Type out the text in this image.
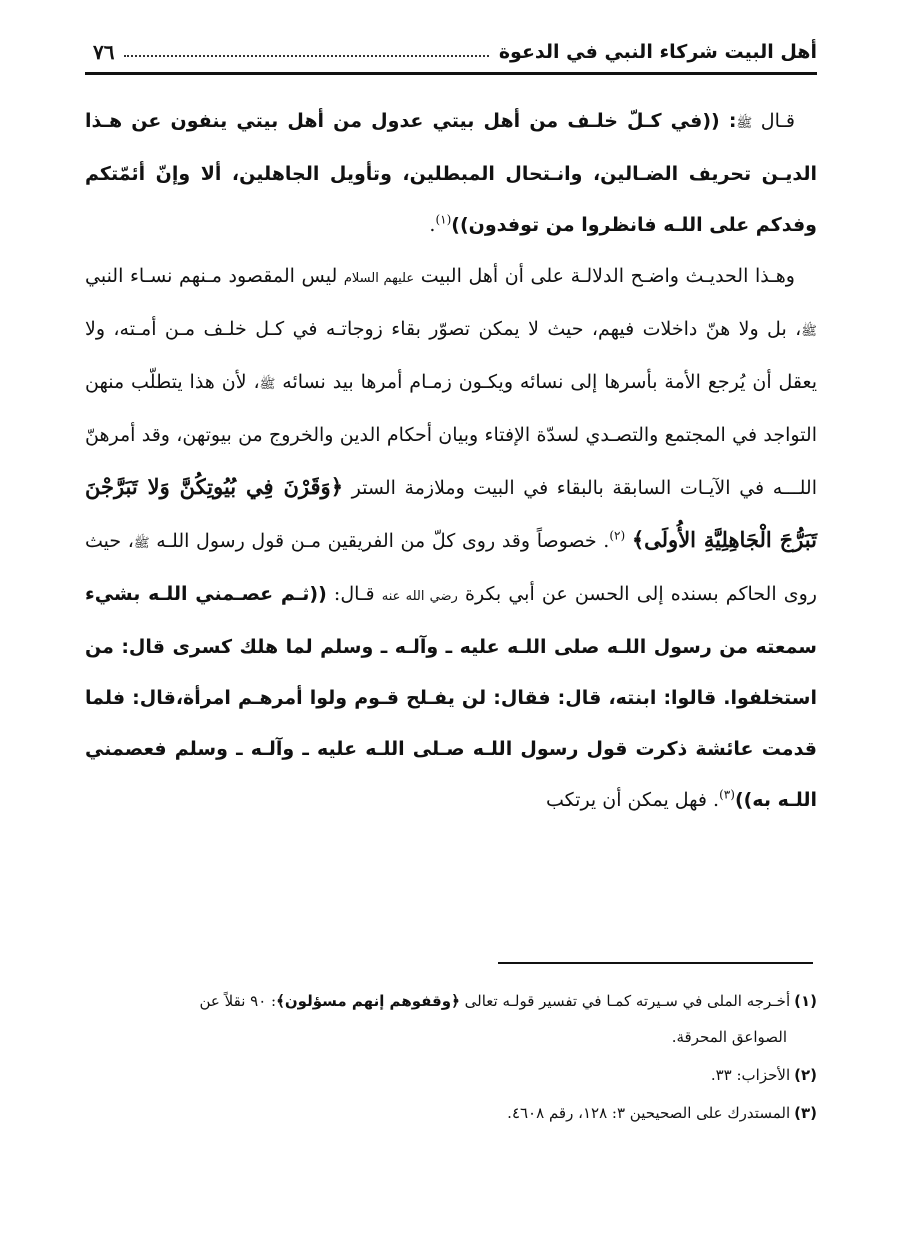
أهل البيت شركاء النبي في الدعوة
٧٦

قـال ﷺ: ((في كـلّ خلـف من أهل بيتي عدول من أهل بيتي ينفون عن هـذا الديـن تحريف الضـالين، وانـتحال المبطلين، وتأويل الجاهلين، ألا وإنّ أئمّتكم وفدكم على اللـه فانظروا من توفدون))$^{(١)}$.

وهـذا الحديـث واضـح الدلالـة على أن أهل البيت عليهم السلام ليس المقصود مـنهم نسـاء النبي ﷺ، بل ولا هنّ داخلات فيهم، حيث لا يمكن تصوّر بقاء زوجاتـه في كـل خلـف مـن أمـته، ولا يعقل أن يُرجع الأمة بأسرها إلى نسائه ويكـون زمـام أمرها بيد نسائه ﷺ، لأن هذا يتطلّب منهن التواجد في المجتمع والتصـدي لسدّة الإفتاء وبيان أحكام الدين والخروج من بيوتهن، وقد أمرهنّ اللـــه في الآيـات السابقة بالبقاء في البيت وملازمة الستر ﴿وَقَرْنَ فِي بُيُوتِكُنَّ وَلا تَبَرَّجْنَ تَبَرُّجَ الْجَاهِلِيَّةِ الأُولَى﴾ $^{(٢)}$. خصوصاً وقد روى كلّ من الفريقين مـن قول رسول اللـه ﷺ، حيث روى الحاكم بسنده إلى الحسن عن أبي بكرة رضي الله عنه قـال: ((ثـم عصـمني اللـه بشيء سمعته من رسول اللـه صلى اللـه عليه ـ وآلـه ـ وسلم لما هلك كسرى قال: من استخلفوا. قالوا: ابنته، قال: فقال: لن يفـلح قـوم ولوا أمرهـم امرأة،قال: فلما قدمت عائشة ذكرت قول رسول اللـه صـلى اللـه عليه ـ وآلـه ـ وسلم فعصمني اللـه به))$^{(٣)}$. فهل يمكن أن يرتكب

(١)أخـرجه الملى في سـيرته كمـا في تفسير قولـه تعالى ﴿وقفوهم إنهم مسؤلون﴾: ٩٠ نقلاً عن
الصواعق المحرقة.

(٢)الأحزاب: ٣٣.

(٣)المستدرك على الصحيحين ٣: ١٢٨، رقم ٤٦٠٨.
